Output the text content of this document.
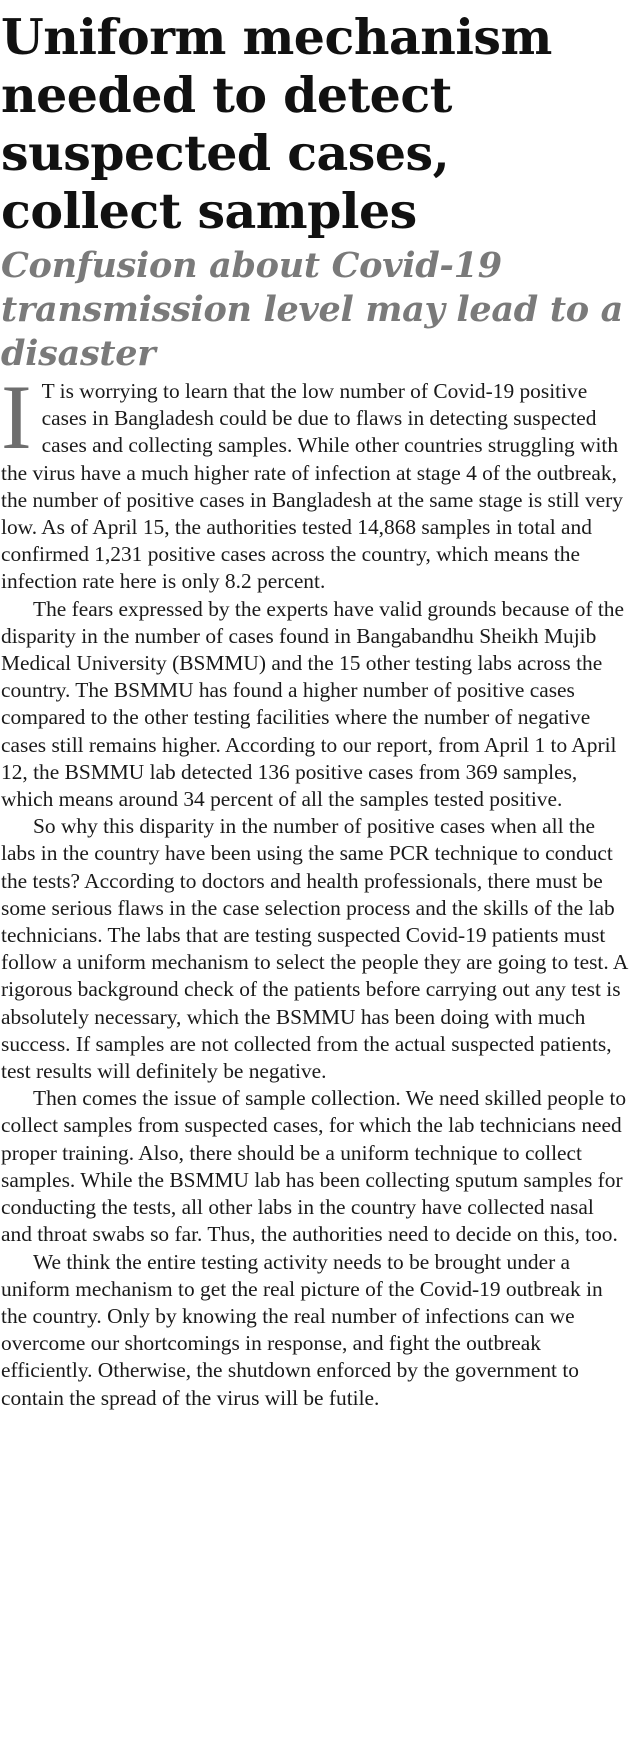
Uniform mechanism needed to detect suspected cases, collect samples
Confusion about Covid-19 transmission level may lead to a disaster

I T is worrying to learn that the low number of Covid-19 positive cases in Bangladesh could be due to flaws in detecting suspected cases and collecting samples. While other countries struggling with the virus have a much higher rate of infection at stage 4 of the outbreak, the number of positive cases in Bangladesh at the same stage is still very low. As of April 15, the authorities tested 14,868 samples in total and confirmed 1,231 positive cases across the country, which means the infection rate here is only 8.2 percent.

The fears expressed by the experts have valid grounds because of the disparity in the number of cases found in Bangabandhu Sheikh Mujib Medical University (BSMMU) and the 15 other testing labs across the country. The BSMMU has found a higher number of positive cases compared to the other testing facilities where the number of negative cases still remains higher. According to our report, from April 1 to April 12, the BSMMU lab detected 136 positive cases from 369 samples, which means around 34 percent of all the samples tested positive.

So why this disparity in the number of positive cases when all the labs in the country have been using the same PCR technique to conduct the tests? According to doctors and health professionals, there must be some serious flaws in the case selection process and the skills of the lab technicians. The labs that are testing suspected Covid-19 patients must follow a uniform mechanism to select the people they are going to test. A rigorous background check of the patients before carrying out any test is absolutely necessary, which the BSMMU has been doing with much success. If samples are not collected from the actual suspected patients, test results will definitely be negative.

Then comes the issue of sample collection. We need skilled people to collect samples from suspected cases, for which the lab technicians need proper training. Also, there should be a uniform technique to collect samples. While the BSMMU lab has been collecting sputum samples for conducting the tests, all other labs in the country have collected nasal and throat swabs so far. Thus, the authorities need to decide on this, too.

We think the entire testing activity needs to be brought under a uniform mechanism to get the real picture of the Covid-19 outbreak in the country. Only by knowing the real number of infections can we overcome our shortcomings in response, and fight the outbreak efficiently. Otherwise, the shutdown enforced by the government to contain the spread of the virus will be futile.
